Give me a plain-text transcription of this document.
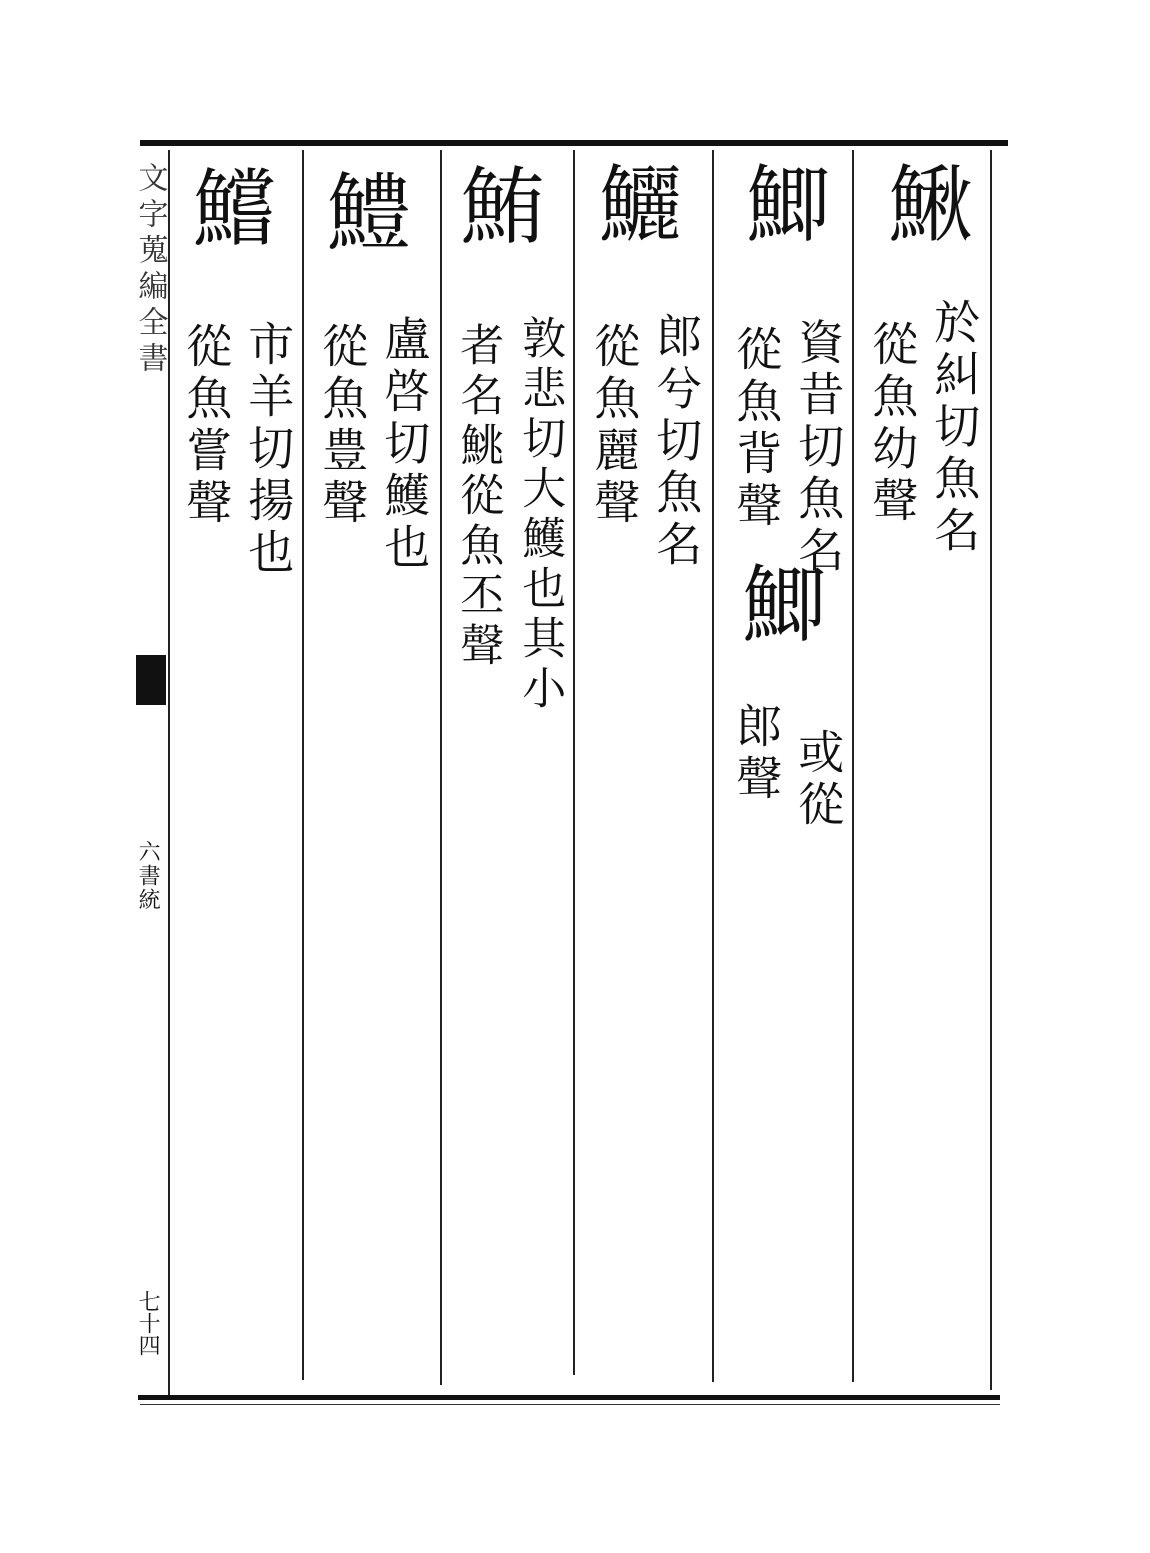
文字蒐編全書
六書統
七十四
鰍
於糾切魚名
從魚幼聲
鯽
資昔切魚名
從魚背聲
鯽
或從
郎聲
鱺
郎兮切魚名
從魚麗聲
鮪
敦悲切大鱯也其小
者名鮡從魚丕聲
鱧
盧啓切鱯也
從魚豊聲
鱨
市羊切揚也
從魚嘗聲
